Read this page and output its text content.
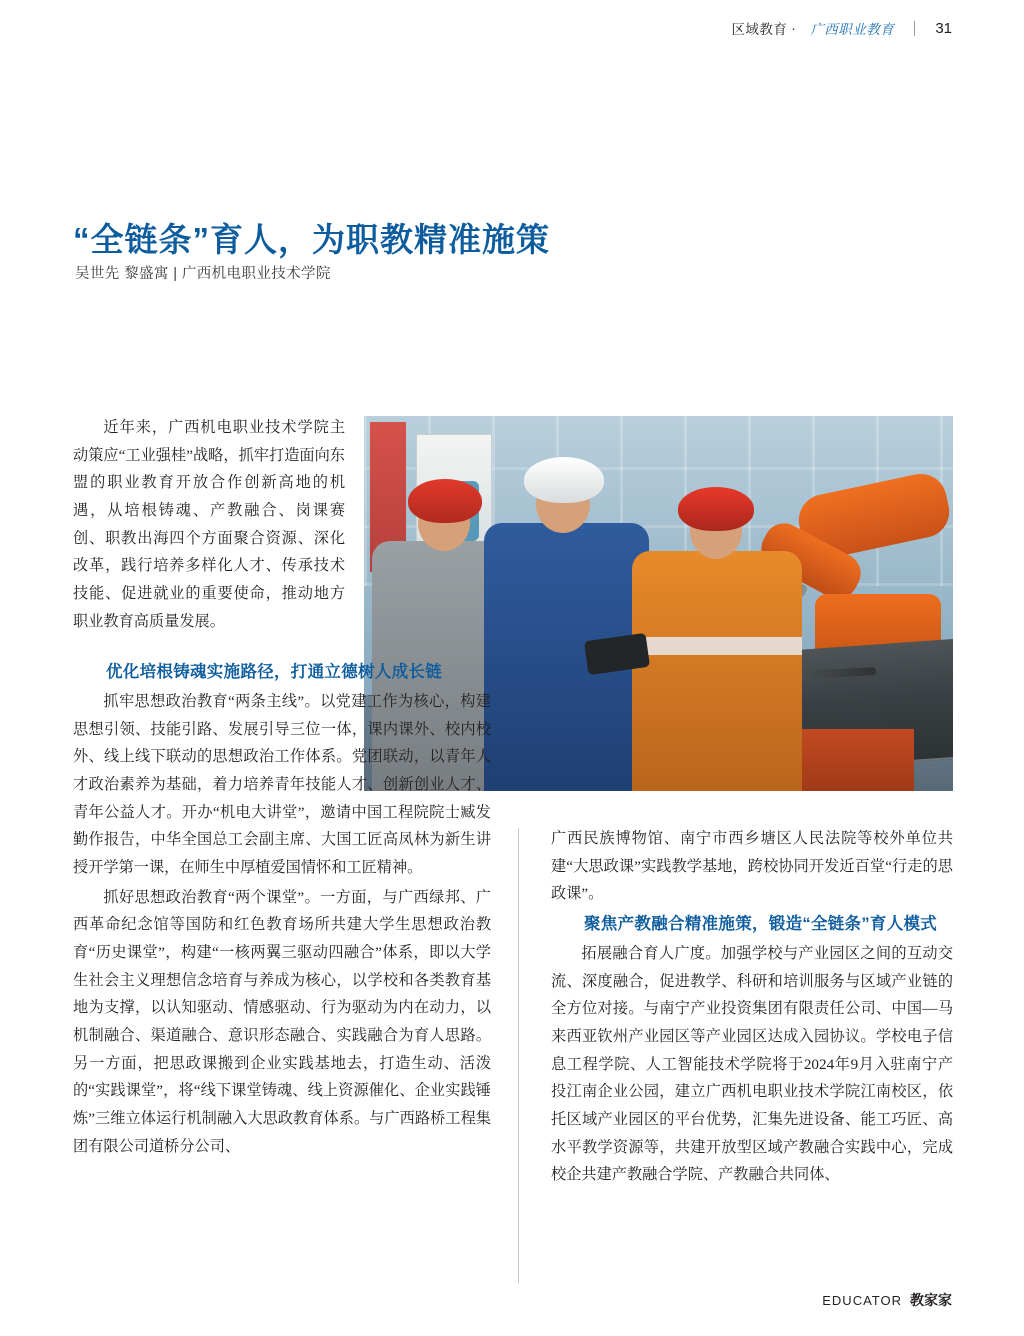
区域教育 · 广西职业教育	31
“全链条”育人，为职教精准施策
吴世先 黎盛寓 | 广西机电职业技术学院

近年来，广西机电职业技术学院主动策应“工业强桂”战略，抓牢打造面向东盟的职业教育开放合作创新高地的机遇，从培根铸魂、产教融合、岗课赛创、职教出海四个方面聚合资源、深化改革，践行培养多样化人才、传承技术技能、促进就业的重要使命，推动地方职业教育高质量发展。

优化培根铸魂实施路径，打通立德树人成长链

抓牢思想政治教育“两条主线”。以党建工作为核心，构建思想引领、技能引路、发展引导三位一体，课内课外、校内校外、线上线下联动的思想政治工作体系。党团联动，以青年人才政治素养为基础，着力培养青年技能人才、创新创业人才、青年公益人才。开办“机电大讲堂”，邀请中国工程院院士臧发勤作报告，中华全国总工会副主席、大国工匠高凤林为新生讲授开学第一课，在师生中厚植爱国情怀和工匠精神。

抓好思想政治教育“两个课堂”。一方面，与广西绿邦、广西革命纪念馆等国防和红色教育场所共建大学生思想政治教育“历史课堂”，构建“一核两翼三驱动四融合”体系，即以大学生社会主义理想信念培育与养成为核心，以学校和各类教育基地为支撑，以认知驱动、情感驱动、行为驱动为内在动力，以机制融合、渠道融合、意识形态融合、实践融合为育人思路。另一方面，把思政课搬到企业实践基地去，打造生动、活泼的“实践课堂”，将“线下课堂铸魂、线上资源催化、企业实践锤炼”三维立体运行机制融入大思政教育体系。与广西路桥工程集团有限公司道桥分公司、

广西民族博物馆、南宁市西乡塘区人民法院等校外单位共建“大思政课”实践教学基地，跨校协同开发近百堂“行走的思政课”。

聚焦产教融合精准施策，锻造“全链条”育人模式

拓展融合育人广度。加强学校与产业园区之间的互动交流、深度融合，促进教学、科研和培训服务与区域产业链的全方位对接。与南宁产业投资集团有限责任公司、中国—马来西亚钦州产业园区等产业园区达成入园协议。学校电子信息工程学院、人工智能技术学院将于2024年9月入驻南宁产投江南企业公园，建立广西机电职业技术学院江南校区，依托区域产业园区的平台优势，汇集先进设备、能工巧匠、高水平教学资源等，共建开放型区域产教融合实践中心，完成校企共建产教融合学院、产教融合共同体、

EDUCATOR 教家家
